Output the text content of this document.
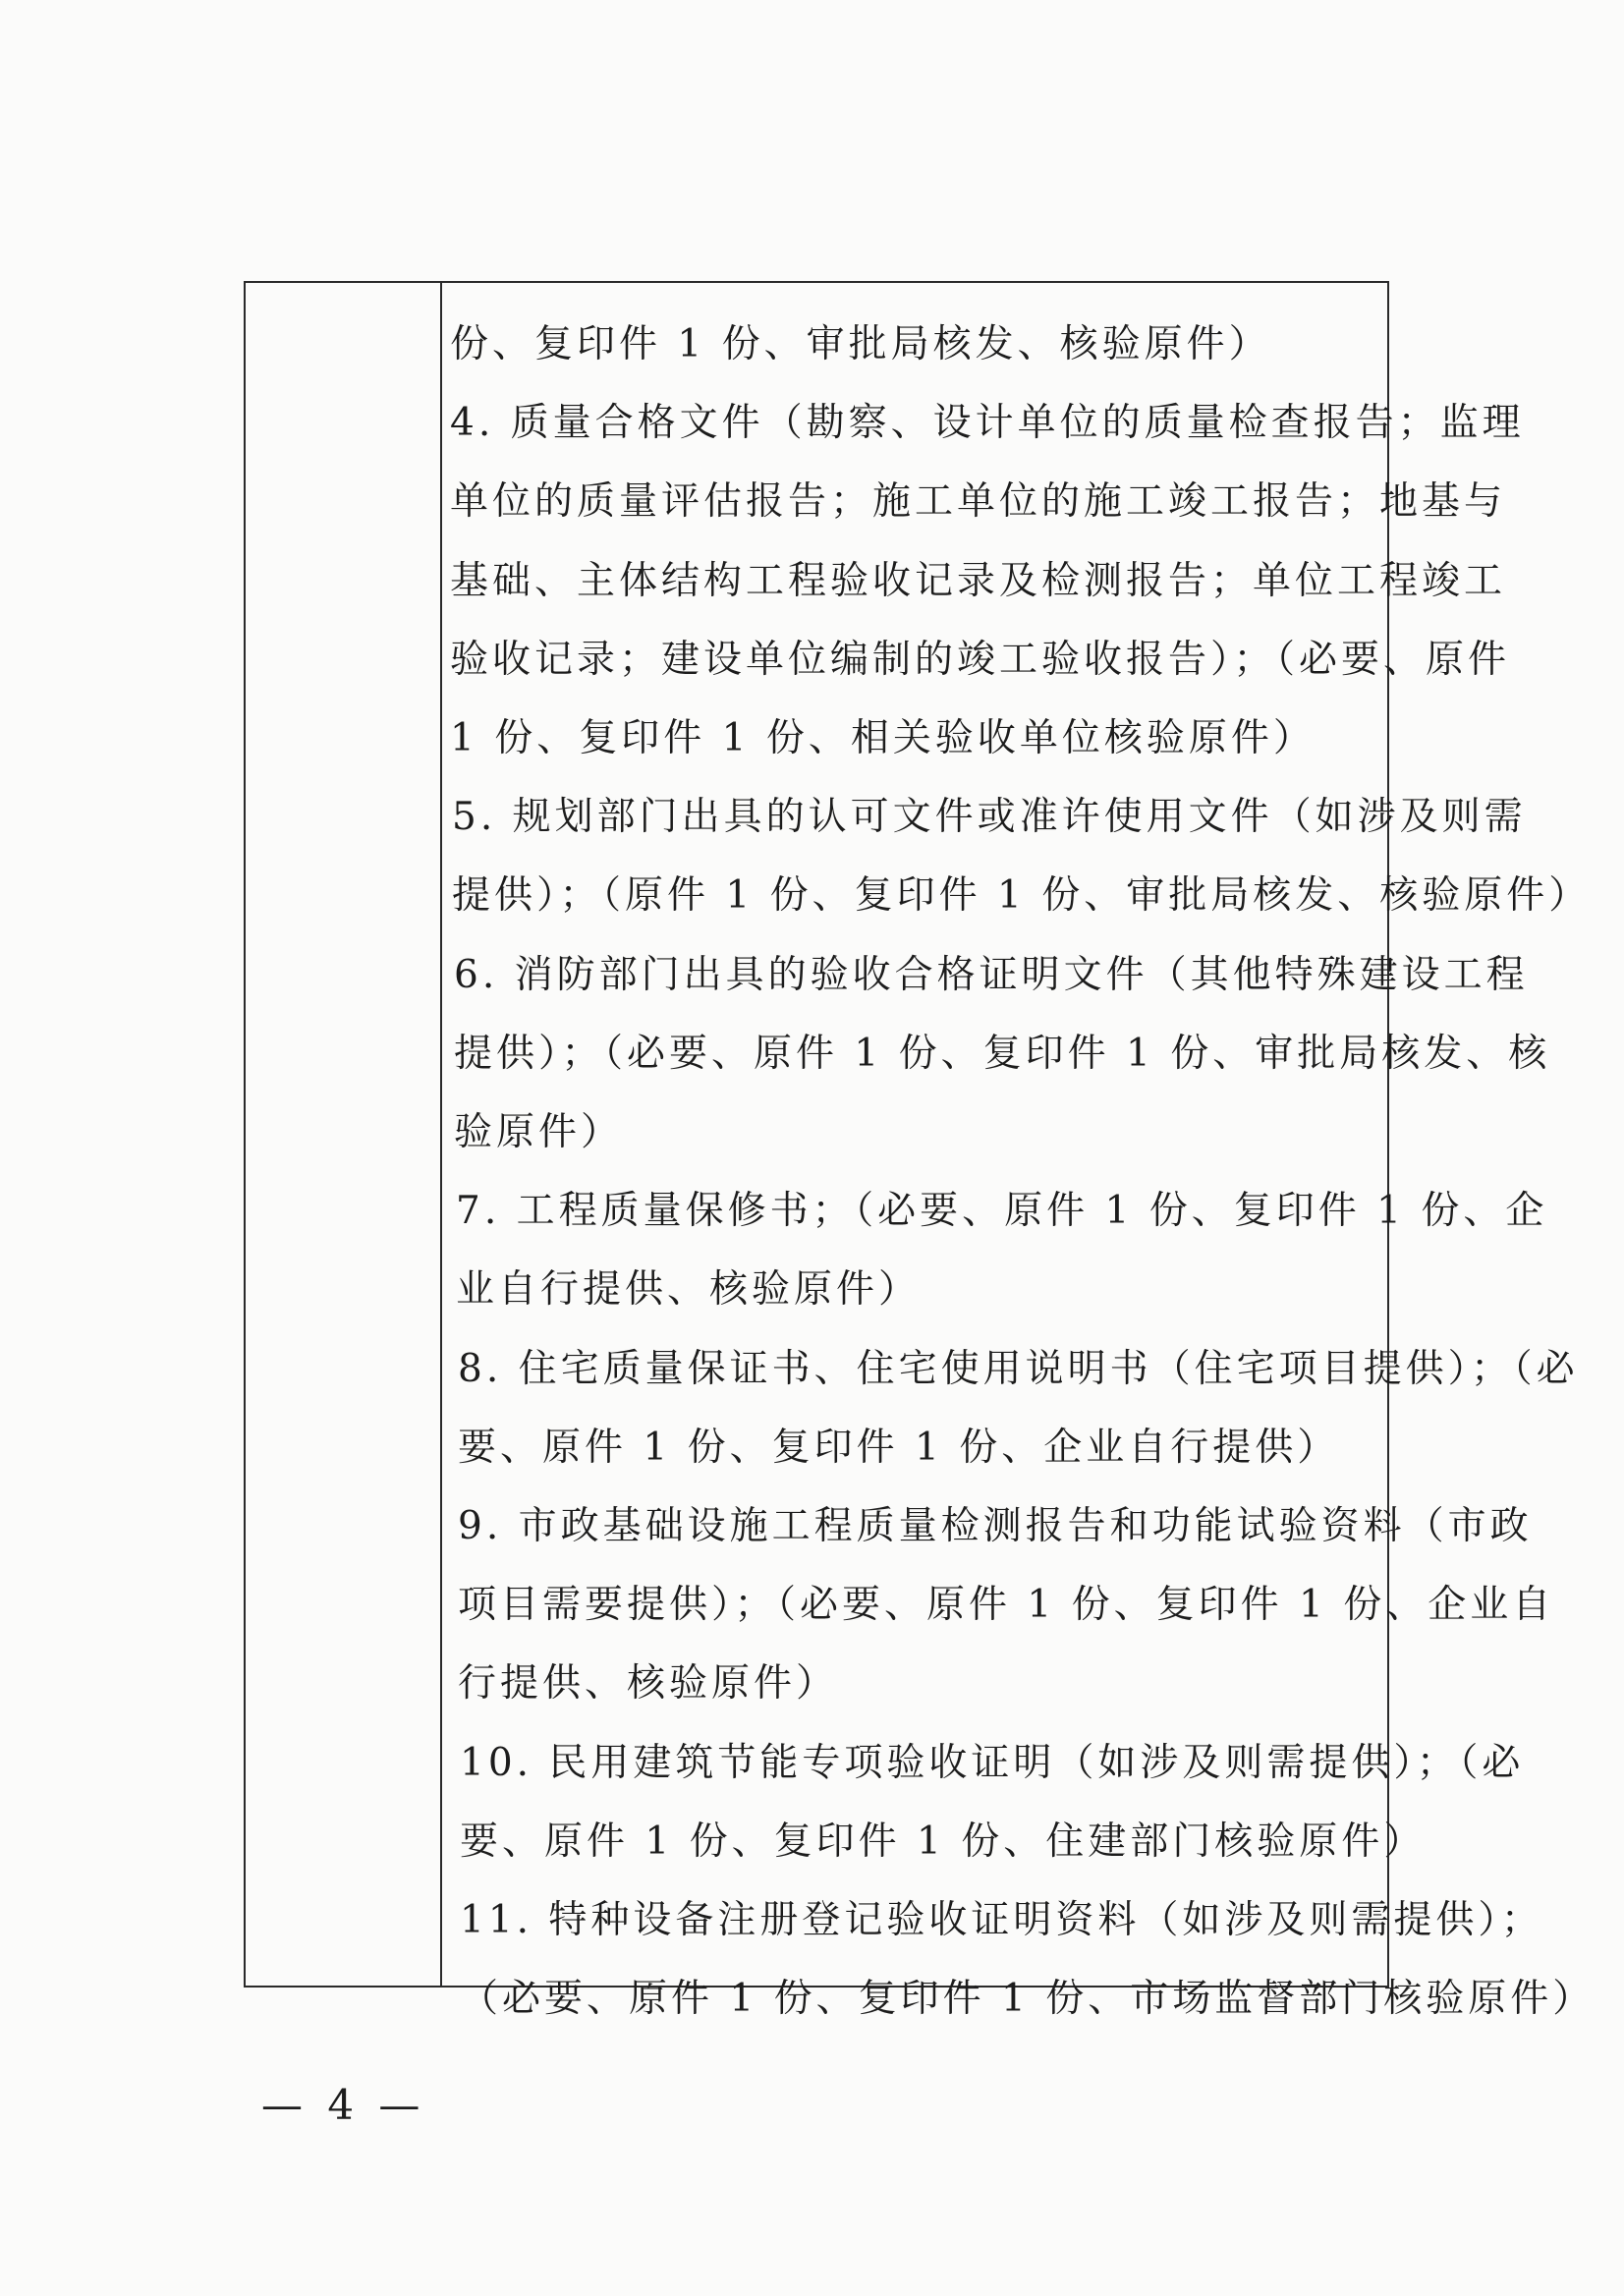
份、复印件 1 份、审批局核发、核验原件）
4. 质量合格文件（勘察、设计单位的质量检查报告；监理
单位的质量评估报告；施工单位的施工竣工报告；地基与
基础、主体结构工程验收记录及检测报告；单位工程竣工
验收记录；建设单位编制的竣工验收报告）；（必要、原件
1 份、复印件 1 份、相关验收单位核验原件）
5. 规划部门出具的认可文件或准许使用文件（如涉及则需
提供）；（原件 1 份、复印件 1 份、审批局核发、核验原件）
6. 消防部门出具的验收合格证明文件（其他特殊建设工程
提供）；（必要、原件 1 份、复印件 1 份、审批局核发、核
验原件）
7. 工程质量保修书；（必要、原件 1 份、复印件 1 份、企
业自行提供、核验原件）
8. 住宅质量保证书、住宅使用说明书（住宅项目提供）；（必
要、原件 1 份、复印件 1 份、企业自行提供）
9. 市政基础设施工程质量检测报告和功能试验资料（市政
项目需要提供）；（必要、原件 1 份、复印件 1 份、企业自
行提供、核验原件）
10. 民用建筑节能专项验收证明（如涉及则需提供）；（必
要、原件 1 份、复印件 1 份、住建部门核验原件）
11. 特种设备注册登记验收证明资料（如涉及则需提供）；
（必要、原件 1 份、复印件 1 份、市场监督部门核验原件）
— 4 —
